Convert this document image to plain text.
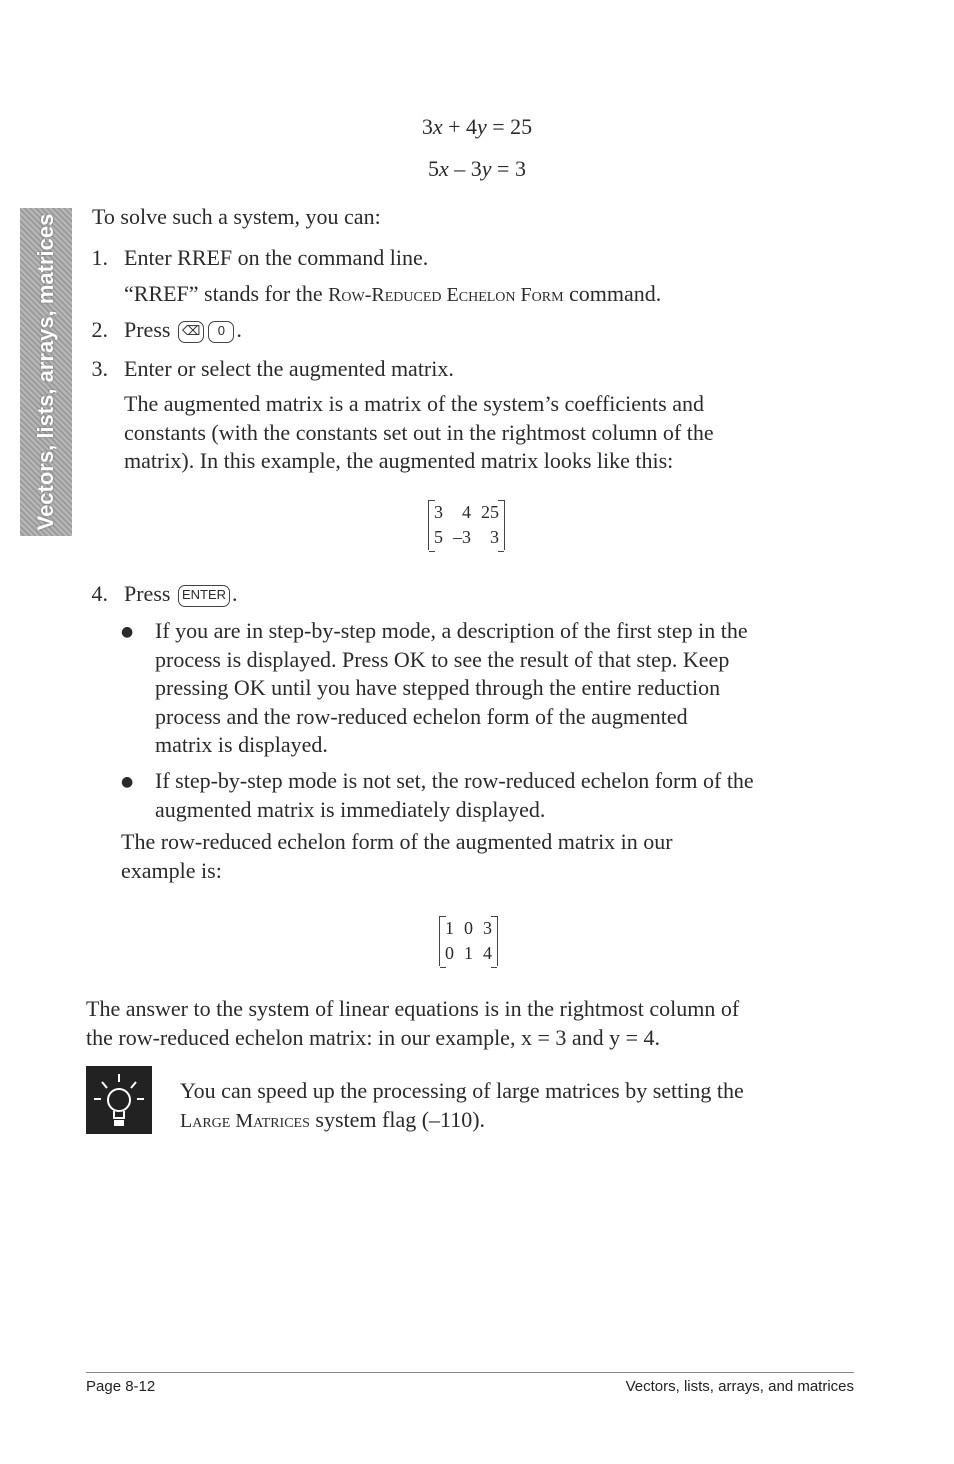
3x + 4y = 25
5x – 3y = 3
Vectors, lists, arrays, matrices To solve such a system, you can:
1. Enter RREF on the command line.
“RREF” stands for the Row-Reduced Echelon Form command.
2. Press ⌫ 0 .
3. Enter or select the augmented matrix.
The augmented matrix is a matrix of the system’s coefficients and
constants (with the constants set out in the rightmost column of the
matrix). In this example, the augmented matrix looks like this:
3	4	25
5	–3	3
4. Press ENTER .
● If you are in step-by-step mode, a description of the first step in the
process is displayed. Press OK to see the result of that step. Keep
pressing OK until you have stepped through the entire reduction
process and the row-reduced echelon form of the augmented
matrix is displayed.
● If step-by-step mode is not set, the row-reduced echelon form of the
augmented matrix is immediately displayed.
The row-reduced echelon form of the augmented matrix in our
example is:
1	0	3
0	1	4
The answer to the system of linear equations is in the rightmost column of
the row-reduced echelon matrix: in our example, x = 3 and y = 4.
You can speed up the processing of large matrices by setting the
Large Matrices system flag (–110).
Page 8-12	Vectors, lists, arrays, and matrices
